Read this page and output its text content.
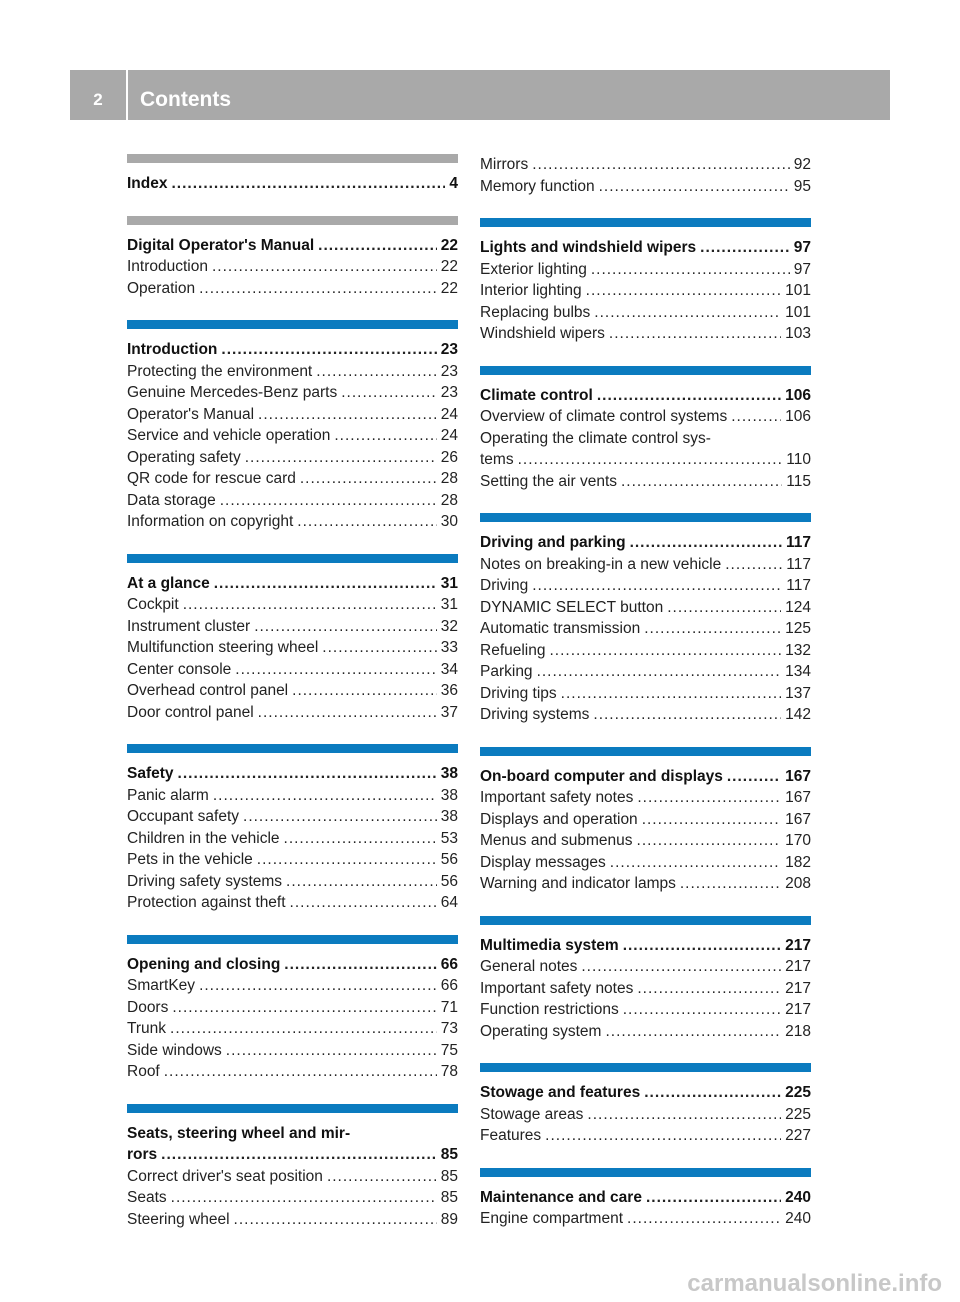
2	Contents
Index .....	4
Digital Operator's Manual .....	22
Introduction .....	22
Operation .....	22
Introduction .....	23
Protecting the environment .....	23
Genuine Mercedes-Benz parts .....	23
Operator's Manual .....	24
Service and vehicle operation .....	24
Operating safety .....	26
QR code for rescue card .....	28
Data storage .....	28
Information on copyright .....	30
At a glance .....	31
Cockpit .....	31
Instrument cluster .....	32
Multifunction steering wheel .....	33
Center console .....	34
Overhead control panel .....	36
Door control panel .....	37
Safety .....	38
Panic alarm .....	38
Occupant safety .....	38
Children in the vehicle .....	53
Pets in the vehicle .....	56
Driving safety systems .....	56
Protection against theft .....	64
Opening and closing .....	66
SmartKey .....	66
Doors .....	71
Trunk .....	73
Side windows .....	75
Roof .....	78
Seats, steering wheel and mir-
rors .....	85
Correct driver's seat position .....	85
Seats .....	85
Steering wheel .....	89
Mirrors .....	92
Memory function .....	95
Lights and windshield wipers .....	97
Exterior lighting .....	97
Interior lighting .....	101
Replacing bulbs .....	101
Windshield wipers .....	103
Climate control .....	106
Overview of climate control systems .....	106
Operating the climate control sys-
tems .....	110
Setting the air vents .....	115
Driving and parking .....	117
Notes on breaking-in a new vehicle .....	117
Driving .....	117
DYNAMIC SELECT button .....	124
Automatic transmission .....	125
Refueling .....	132
Parking .....	134
Driving tips .....	137
Driving systems .....	142
On-board computer and displays .....	167
Important safety notes .....	167
Displays and operation .....	167
Menus and submenus .....	170
Display messages .....	182
Warning and indicator lamps .....	208
Multimedia system .....	217
General notes .....	217
Important safety notes .....	217
Function restrictions .....	217
Operating system .....	218
Stowage and features .....	225
Stowage areas .....	225
Features .....	227
Maintenance and care .....	240
Engine compartment .....	240
carmanualsonline.info
